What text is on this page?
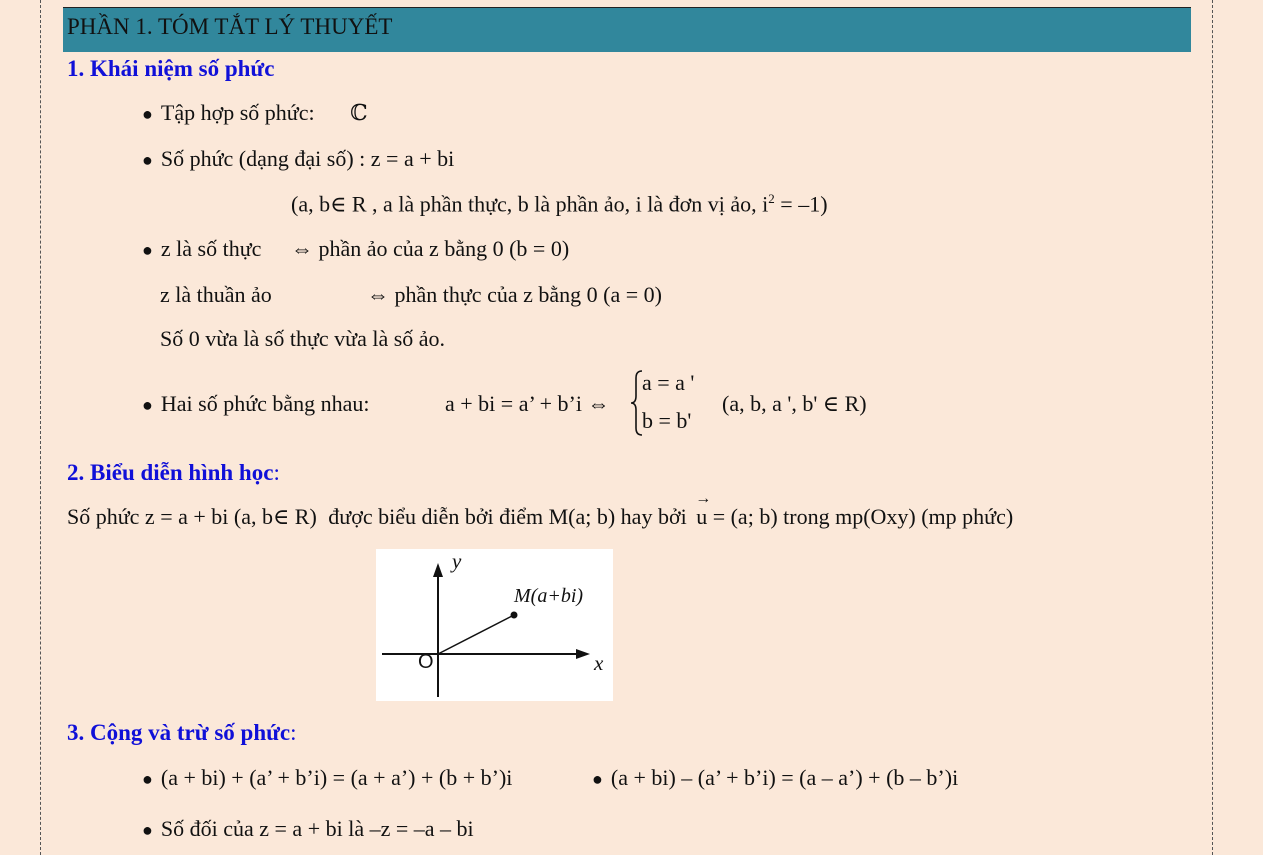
PHẦN 1. TÓM TẮT LÝ THUYẾT
1. Khái niệm số phức
● Tập hợp số phức: ℂ
● Số phức (dạng đại số) : z = a + bi
(a, b∈ R , a là phần thực, b là phần ảo, i là đơn vị ảo, $i^2 = -1$)
● z là số thực ⇔ phần ảo của z bằng 0 (b = 0)
z là thuần ảo	⇔ phần thực của z bằng 0 (a = 0)
Số 0 vừa là số thực vừa là số ảo.
● Hai số phức bằng nhau:	a + bi = a’ + b’i ⇔
a = a '
b = b'
(a, b, a ', b' ∈ R)
2. Biểu diễn hình học:
Số phức z = a + bi (a, b∈ R) được biểu diễn bởi điểm M(a; b) hay bởi
→
u = (a; b) trong mp(Oxy) (mp phức)
y
x
O
M(a+bi)
3. Cộng và trừ số phức:
● (a + bi) + (a’ + b’i) = (a + a’) + (b + b’)i	● (a + bi) – (a’ + b’i) = (a – a’) + (b – b’)i
● Số đối của z = a + bi là –z = –a – bi
